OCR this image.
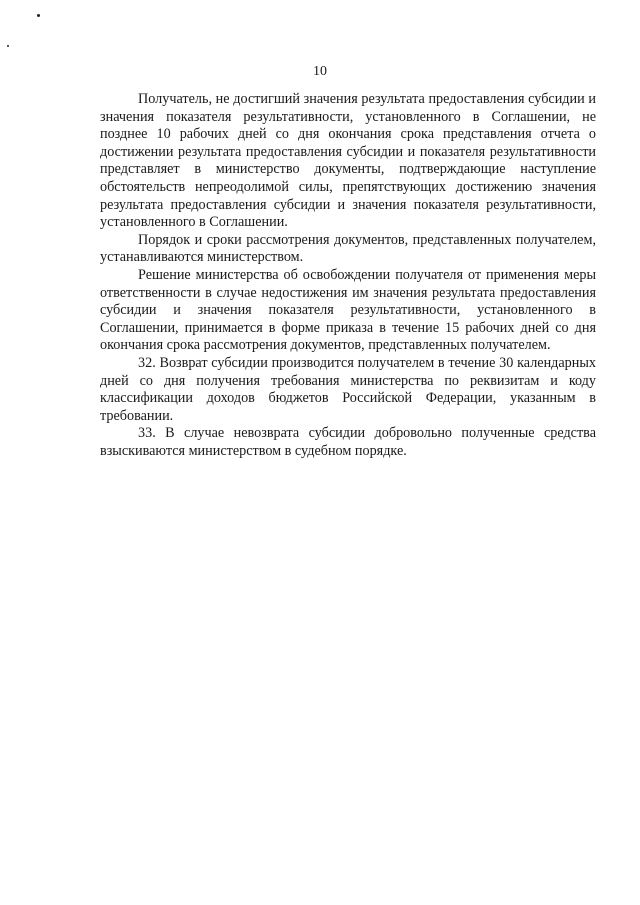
10

Получатель, не достигший значения результата предоставления субсидии и значения показателя результативности, установленного в Соглашении, не позднее 10 рабочих дней со дня окончания срока представления отчета о достижении результата предоставления субсидии и показателя результативности представляет в министерство документы, подтверждающие наступление обстоятельств непреодолимой силы, препятствующих достижению значения результата предоставления субсидии и значения показателя результативности, установленного в Соглашении.

Порядок и сроки рассмотрения документов, представленных получателем, устанавливаются министерством.

Решение министерства об освобождении получателя от применения меры ответственности в случае недостижения им значения результата предоставления субсидии и значения показателя результативности, установленного в Соглашении, принимается в форме приказа в течение 15 рабочих дней со дня окончания срока рассмотрения документов, представленных получателем.

32. Возврат субсидии производится получателем в течение 30 календарных дней со дня получения требования министерства по реквизитам и коду классификации доходов бюджетов Российской Федерации, указанным в требовании.

33. В случае невозврата субсидии добровольно полученные средства взыскиваются министерством в судебном порядке.
